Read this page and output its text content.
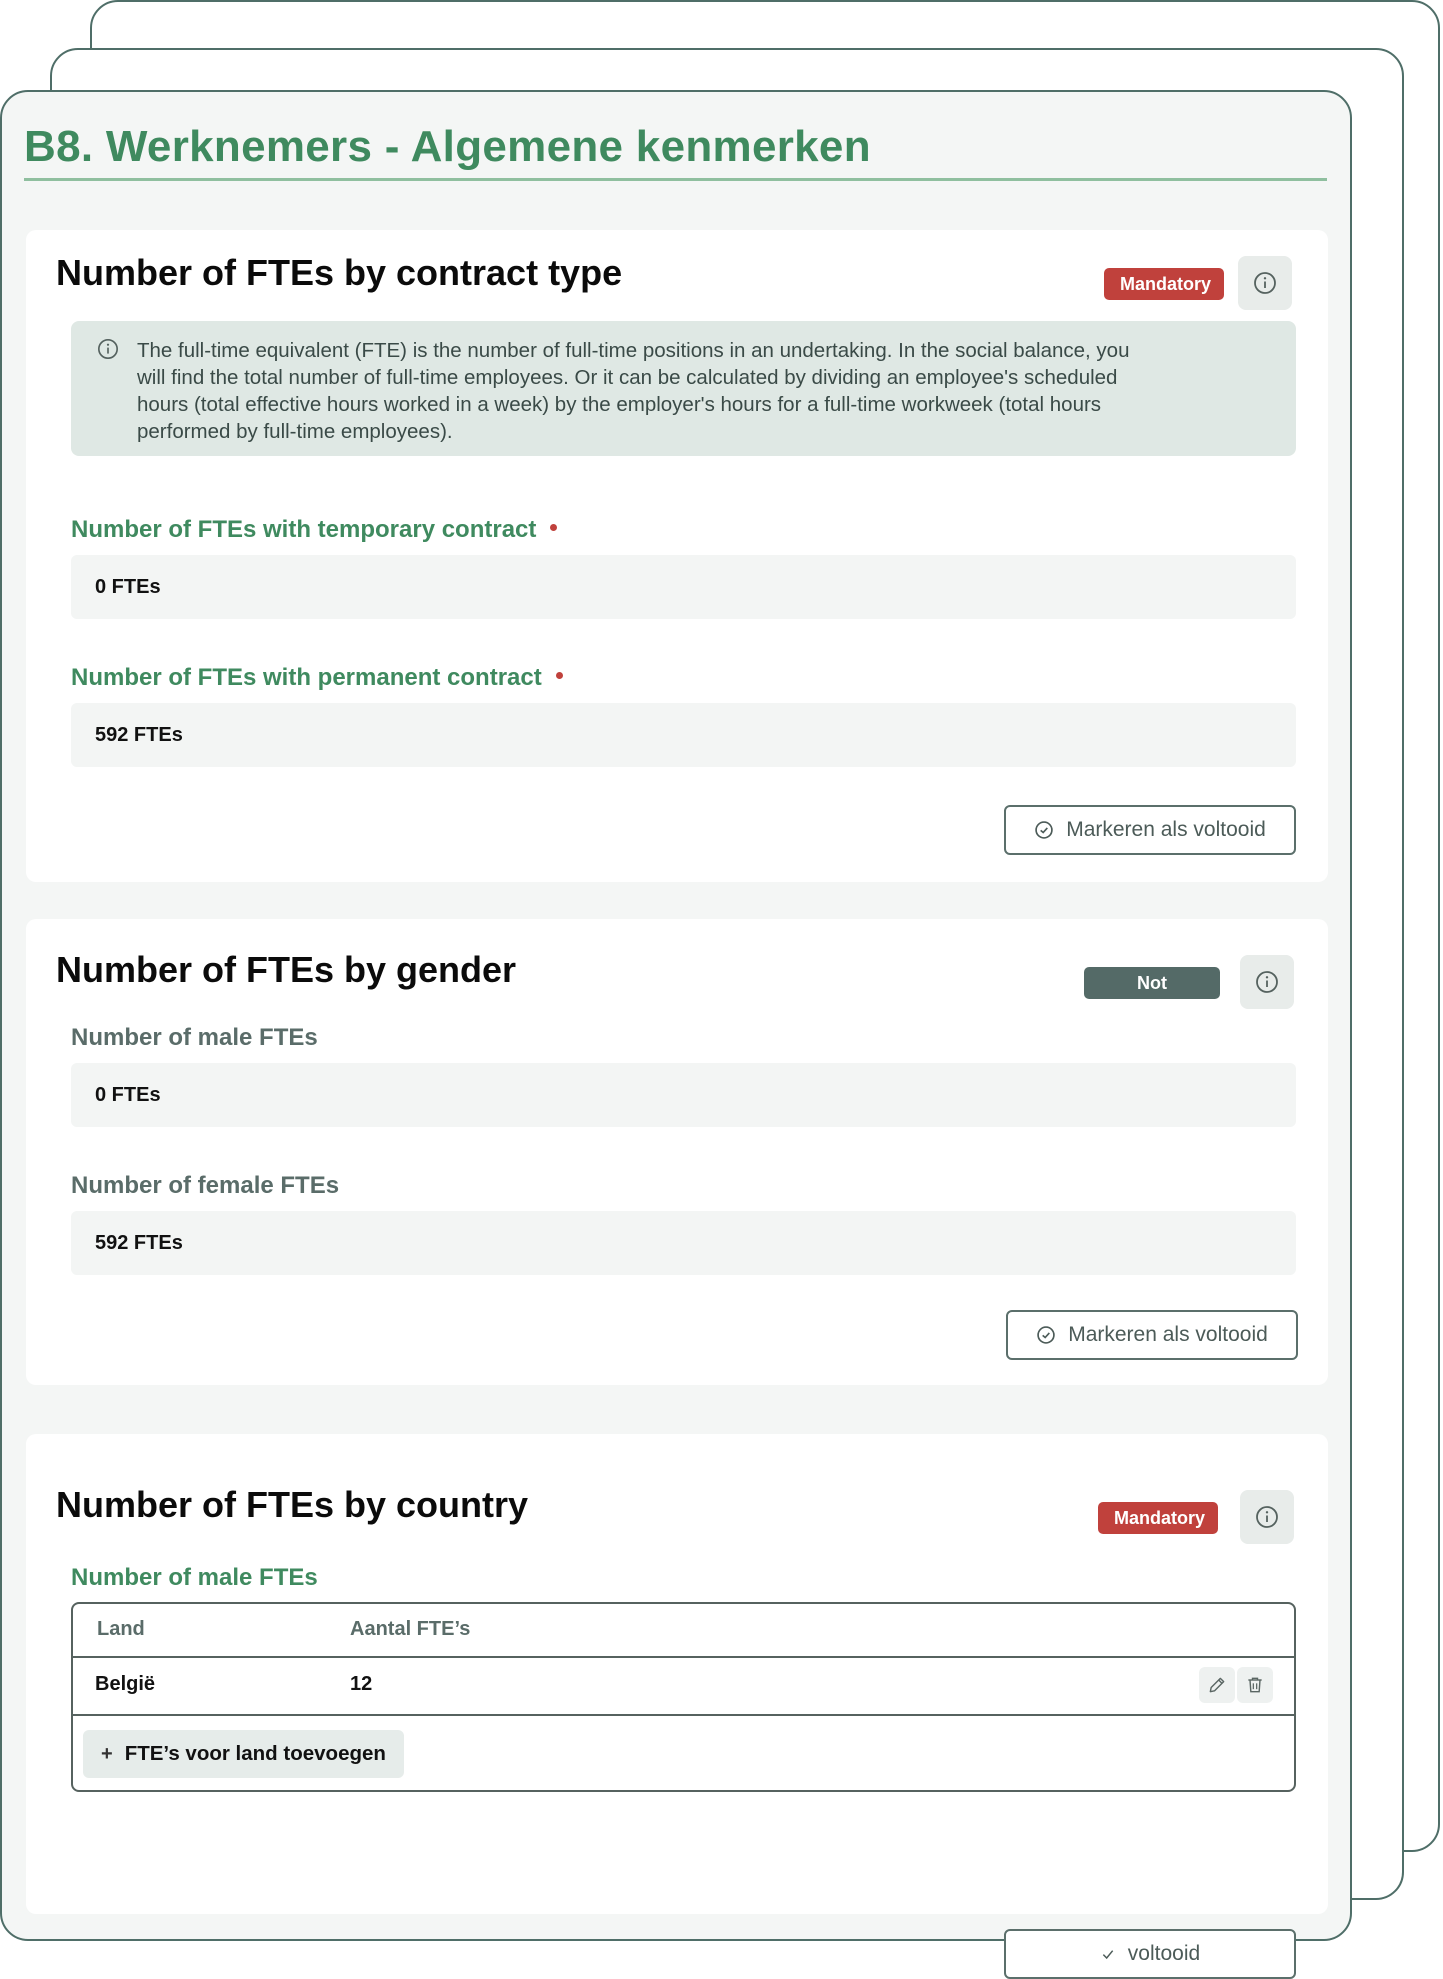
B8. Werknemers - Algemene kenmerken
Number of FTEs by contract type	Mandatory
The full-time equivalent (FTE) is the number of full-time positions in an undertaking. In the social balance, you
will find the total number of full-time employees. Or it can be calculated by dividing an employee's scheduled
hours (total effective hours worked in a week) by the employer's hours for a full-time workweek (total hours
performed by full-time employees).
Number of FTEs with temporary contract
0 FTEs
Number of FTEs with permanent contract
592 FTEs
Markeren als voltooid
Number of FTEs by gender	Not required
Number of male FTEs
0 FTEs
Number of female FTEs
592 FTEs
Markeren als voltooid
Number of FTEs by country	Mandatory
Number of male FTEs
Land	Aantal FTE’s
België	12
+ FTE’s voor land toevoegen
voltooid
